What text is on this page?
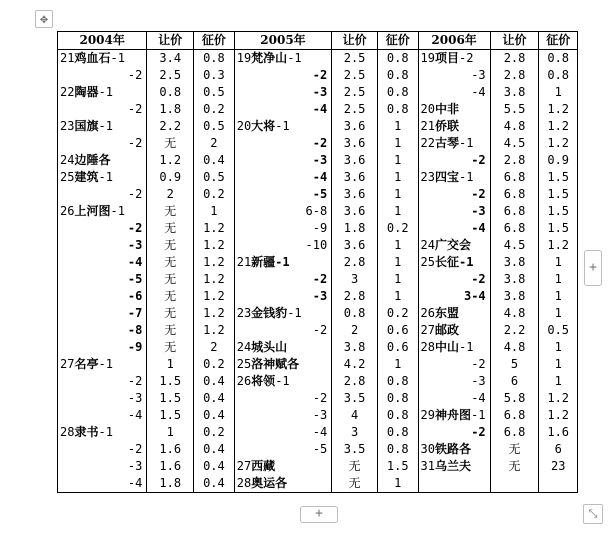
✥
2004年	让价	征价	2005年	让价	征价	2006年	让价	征价
21鸡血石-1	3.4	0.8	19梵净山-1	2.5	0.8	19项目-2	2.8	0.8
-2	2.5	0.3	-2	2.5	0.8	-3	2.8	0.8
22陶器-1	0.8	0.5	-3	2.5	0.8	-4	3.8	1
-2	1.8	0.2	-4	2.5	0.8	20中非	5.5	1.2
23国旗-1	2.2	0.5	20大将-1	3.6	1	21侨联	4.8	1.2
-2	无	2	-2	3.6	1	22古琴-1	4.5	1.2
24边陲各	1.2	0.4	-3	3.6	1	-2	2.8	0.9
25建筑-1	0.9	0.5	-4	3.6	1	23四宝-1	6.8	1.5
-2	2	0.2	-5	3.6	1	-2	6.8	1.5
26上河图-1	无	1	6-8	3.6	1	-3	6.8	1.5
-2	无	1.2	-9	1.8	0.2	-4	6.8	1.5
-3	无	1.2	-10	3.6	1	24广交会	4.5	1.2
-4	无	1.2	21新疆-1	2.8	1	25长征-1	3.8	1
-5	无	1.2	-2	3	1	-2	3.8	1
-6	无	1.2	-3	2.8	1	3-4	3.8	1
-7	无	1.2	23金钱豹-1	0.8	0.2	26东盟	4.8	1
-8	无	1.2	-2	2	0.6	27邮政	2.2	0.5
-9	无	2	24城头山	3.8	0.6	28中山-1	4.8	1
27名亭-1	1	0.2	25洛神赋各	4.2	1	-2	5	1
-2	1.5	0.4	26将领-1	2.8	0.8	-3	6	1
-3	1.5	0.4	-2	3.5	0.8	-4	5.8	1.2
-4	1.5	0.4	-3	4	0.8	29神舟图-1	6.8	1.2
28隶书-1	1	0.2	-4	3	0.8	-2	6.8	1.6
-2	1.6	0.4	-5	3.5	0.8	30铁路各	无	6
-3	1.6	0.4	27西藏	无	1.5	31乌兰夫	无	23
-4	1.8	0.4	28奥运各	无	1			
+
+	⤡
